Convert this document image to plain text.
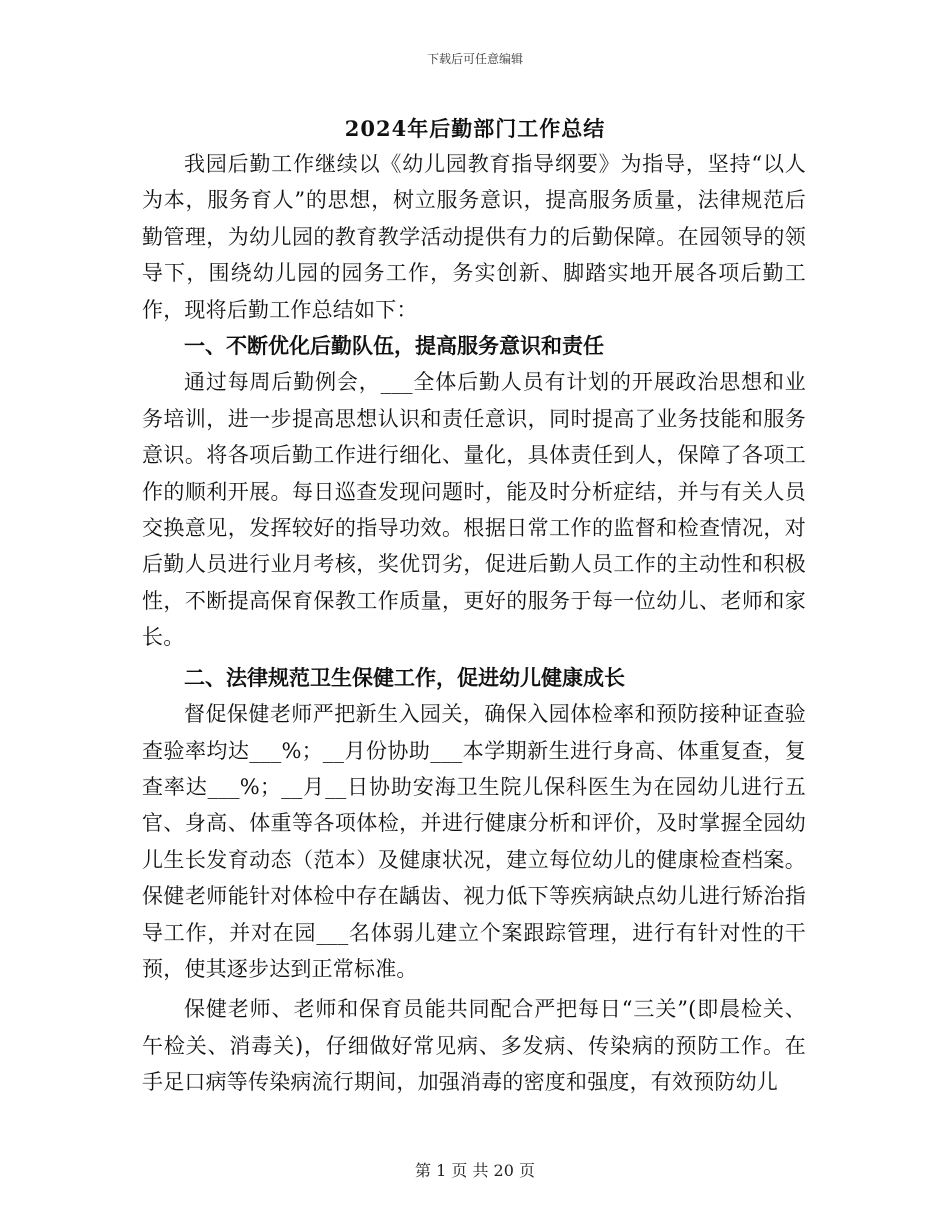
下载后可任意编辑
2024年后勤部门工作总结

我园后勤工作继续以《幼儿园教育指导纲要》为指导，坚持“以人为本，服务育人”的思想，树立服务意识，提高服务质量，法律规范后勤管理，为幼儿园的教育教学活动提供有力的后勤保障。在园领导的领导下，围绕幼儿园的园务工作，务实创新、脚踏实地开展各项后勤工作，现将后勤工作总结如下：

一、不断优化后勤队伍，提高服务意识和责任

通过每周后勤例会，___全体后勤人员有计划的开展政治思想和业务培训，进一步提高思想认识和责任意识，同时提高了业务技能和服务意识。将各项后勤工作进行细化、量化，具体责任到人，保障了各项工作的顺利开展。每日巡查发现问题时，能及时分析症结，并与有关人员交换意见，发挥较好的指导功效。根据日常工作的监督和检查情况，对后勤人员进行业月考核，奖优罚劣，促进后勤人员工作的主动性和积极性，不断提高保育保教工作质量，更好的服务于每一位幼儿、老师和家长。

二、法律规范卫生保健工作，促进幼儿健康成长

督促保健老师严把新生入园关，确保入园体检率和预防接种证查验查验率均达___%；__月份协助___本学期新生进行身高、体重复查，复查率达___%；__月__日协助安海卫生院儿保科医生为在园幼儿进行五官、身高、体重等各项体检，并进行健康分析和评价，及时掌握全园幼儿生长发育动态（范本）及健康状况，建立每位幼儿的健康检查档案。保健老师能针对体检中存在龋齿、视力低下等疾病缺点幼儿进行矫治指导工作，并对在园___名体弱儿建立个案跟踪管理，进行有针对性的干预，使其逐步达到正常标准。

保健老师、老师和保育员能共同配合严把每日“三关”(即晨检关、午检关、消毒关)，仔细做好常见病、多发病、传染病的预防工作。在手足口病等传染病流行期间，加强消毒的密度和强度，有效预防幼儿

第 1 页 共 20 页
